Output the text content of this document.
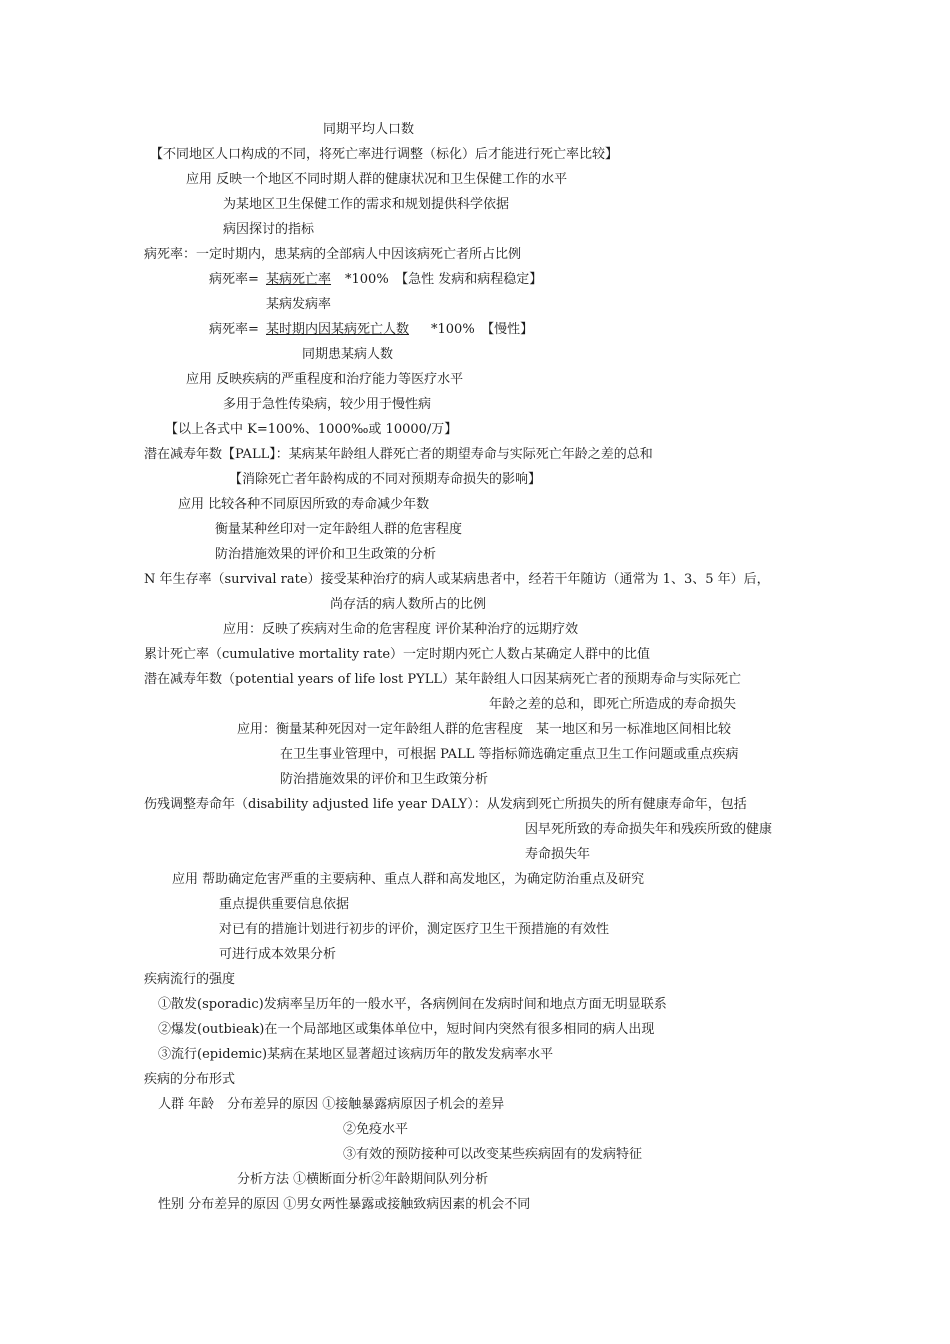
同期平均人口数
【不同地区人口构成的不同，将死亡率进行调整（标化）后才能进行死亡率比较】
应用 反映一个地区不同时期人群的健康状况和卫生保健工作的水平
为某地区卫生保健工作的需求和规划提供科学依据
病因探讨的指标
病死率：一定时期内，患某病的全部病人中因该病死亡者所占比例
病死率= 某病死亡率 *100%　【急性 发病和病程稳定】
某病发病率
病死率= 某时期内因某病死亡人数 *100%　【慢性】
同期患某病人数
应用 反映疾病的严重程度和治疗能力等医疗水平
多用于急性传染病，较少用于慢性病
【以上各式中 K=100%、1000‰或 10000/万】
潜在减寿年数【PALL】：某病某年龄组人群死亡者的期望寿命与实际死亡年龄之差的总和
【消除死亡者年龄构成的不同对预期寿命损失的影响】
应用 比较各种不同原因所致的寿命减少年数
衡量某种丝印对一定年龄组人群的危害程度
防治措施效果的评价和卫生政策的分析
N 年生存率（survival rate）接受某种治疗的病人或某病患者中，经若干年随访（通常为 1、3、5 年）后，
尚存活的病人数所占的比例
应用：反映了疾病对生命的危害程度 评价某种治疗的远期疗效
累计死亡率（cumulative mortality rate）一定时期内死亡人数占某确定人群中的比值
潜在减寿年数（potential years of life lost PYLL）某年龄组人口因某病死亡者的预期寿命与实际死亡
年龄之差的总和，即死亡所造成的寿命损失
应用：衡量某种死因对一定年龄组人群的危害程度　某一地区和另一标准地区间相比较
在卫生事业管理中，可根据 PALL 等指标筛选确定重点卫生工作问题或重点疾病
防治措施效果的评价和卫生政策分析
伤残调整寿命年（disability adjusted life year DALY）：从发病到死亡所损失的所有健康寿命年，包括
因早死所致的寿命损失年和残疾所致的健康
寿命损失年
应用 帮助确定危害严重的主要病种、重点人群和高发地区，为确定防治重点及研究
重点提供重要信息依据
对已有的措施计划进行初步的评价，测定医疗卫生干预措施的有效性
可进行成本效果分析
疾病流行的强度
①散发(sporadic)发病率呈历年的一般水平，各病例间在发病时间和地点方面无明显联系
②爆发(outbieak)在一个局部地区或集体单位中，短时间内突然有很多相同的病人出现
③流行(epidemic)某病在某地区显著超过该病历年的散发发病率水平
疾病的分布形式
人群 年龄　分布差异的原因 ①接触暴露病原因子机会的差异
②免疫水平
③有效的预防接种可以改变某些疾病固有的发病特征
分析方法 ①横断面分析②年龄期间队列分析
性别 分布差异的原因 ①男女两性暴露或接触致病因素的机会不同
